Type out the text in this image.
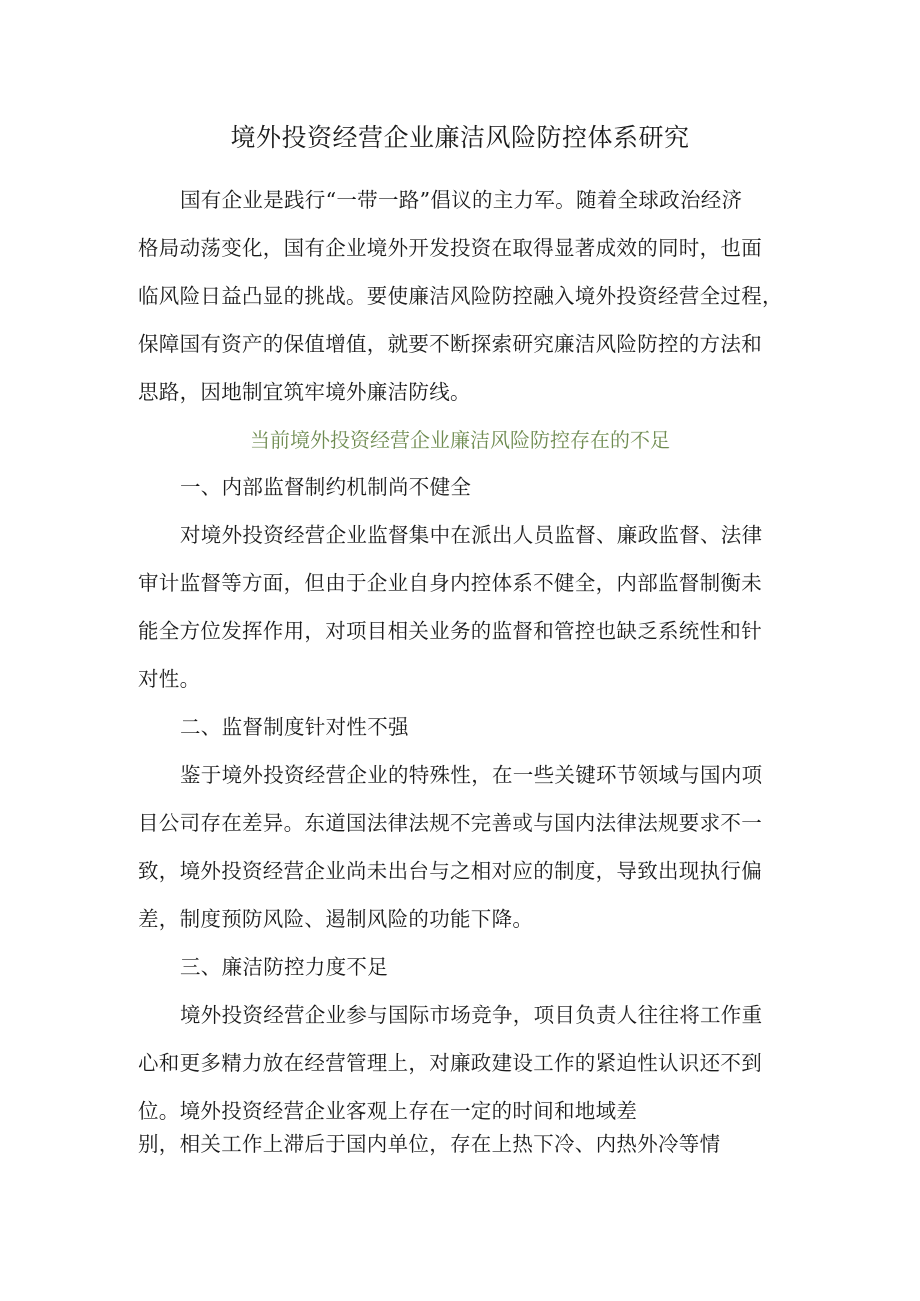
境外投资经营企业廉洁风险防控体系研究
国有企业是践行“一带一路”倡议的主力军。随着全球政治经济
格局动荡变化，国有企业境外开发投资在取得显著成效的同时，也面
临风险日益凸显的挑战。要使廉洁风险防控融入境外投资经营全过程，
保障国有资产的保值增值，就要不断探索研究廉洁风险防控的方法和
思路，因地制宜筑牢境外廉洁防线。
当前境外投资经营企业廉洁风险防控存在的不足
一、内部监督制约机制尚不健全
对境外投资经营企业监督集中在派出人员监督、廉政监督、法律
审计监督等方面，但由于企业自身内控体系不健全，内部监督制衡未
能全方位发挥作用，对项目相关业务的监督和管控也缺乏系统性和针
对性。
二、监督制度针对性不强
鉴于境外投资经营企业的特殊性，在一些关键环节领域与国内项
目公司存在差异。东道国法律法规不完善或与国内法律法规要求不一
致，境外投资经营企业尚未出台与之相对应的制度，导致出现执行偏
差，制度预防风险、遏制风险的功能下降。
三、廉洁防控力度不足
境外投资经营企业参与国际市场竞争，项目负责人往往将工作重
心和更多精力放在经营管理上，对廉政建设工作的紧迫性认识还不到
位。境外投资经营企业客观上存在一定的时间和地域差
别，相关工作上滞后于国内单位，存在上热下冷、内热外冷等情
